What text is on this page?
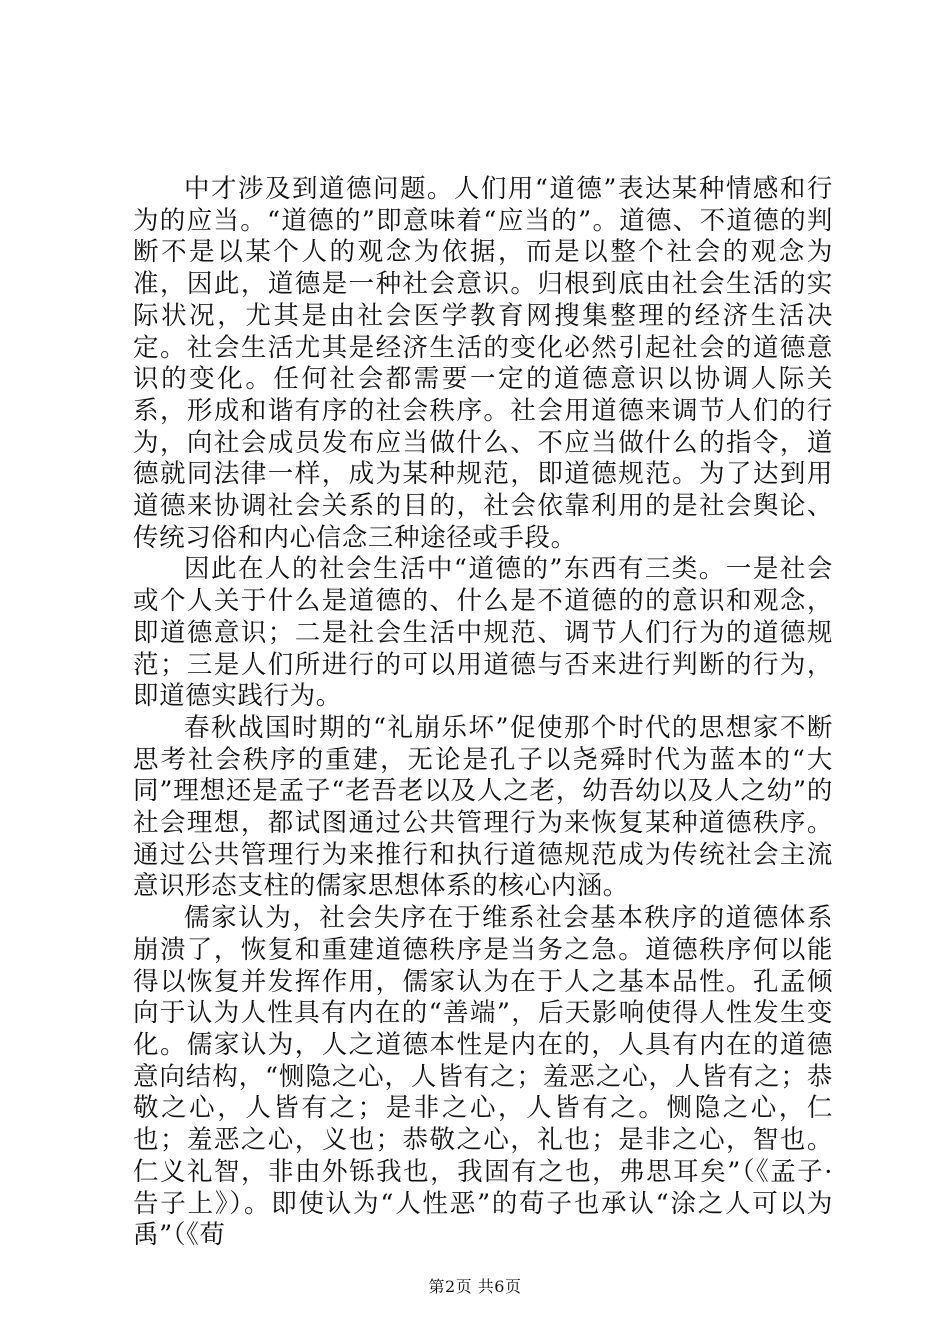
中才涉及到道德问题。人们用“道德”表达某种情感和行为的应当。“道德的”即意味着“应当的”。道德、不道德的判断不是以某个人的观念为依据，而是以整个社会的观念为准，因此，道德是一种社会意识。归根到底由社会生活的实际状况，尤其是由社会医学教育网搜集整理的经济生活决定。社会生活尤其是经济生活的变化必然引起社会的道德意识的变化。任何社会都需要一定的道德意识以协调人际关系，形成和谐有序的社会秩序。社会用道德来调节人们的行为，向社会成员发布应当做什么、不应当做什么的指令，道德就同法律一样，成为某种规范，即道德规范。为了达到用道德来协调社会关系的目的，社会依靠利用的是社会舆论、传统习俗和内心信念三种途径或手段。

因此在人的社会生活中“道德的”东西有三类。一是社会或个人关于什么是道德的、什么是不道德的的意识和观念，即道德意识；二是社会生活中规范、调节人们行为的道德规范；三是人们所进行的可以用道德与否来进行判断的行为，即道德实践行为。

春秋战国时期的“礼崩乐坏”促使那个时代的思想家不断思考社会秩序的重建，无论是孔子以尧舜时代为蓝本的“大同”理想还是孟子“老吾老以及人之老，幼吾幼以及人之幼”的社会理想，都试图通过公共管理行为来恢复某种道德秩序。通过公共管理行为来推行和执行道德规范成为传统社会主流意识形态支柱的儒家思想体系的核心内涵。

儒家认为，社会失序在于维系社会基本秩序的道德体系崩溃了，恢复和重建道德秩序是当务之急。道德秩序何以能得以恢复并发挥作用，儒家认为在于人之基本品性。孔孟倾向于认为人性具有内在的“善端”，后天影响使得人性发生变化。儒家认为，人之道德本性是内在的，人具有内在的道德意向结构，“恻隐之心，人皆有之；羞恶之心，人皆有之；恭敬之心，人皆有之；是非之心，人皆有之。恻隐之心，仁也；羞恶之心，义也；恭敬之心，礼也；是非之心，智也。仁义礼智，非由外铄我也，我固有之也，弗思耳矣”（《孟子·告子上》）。即使认为“人性恶”的荀子也承认“涂之人可以为禹”（《荀

第2页 共6页
